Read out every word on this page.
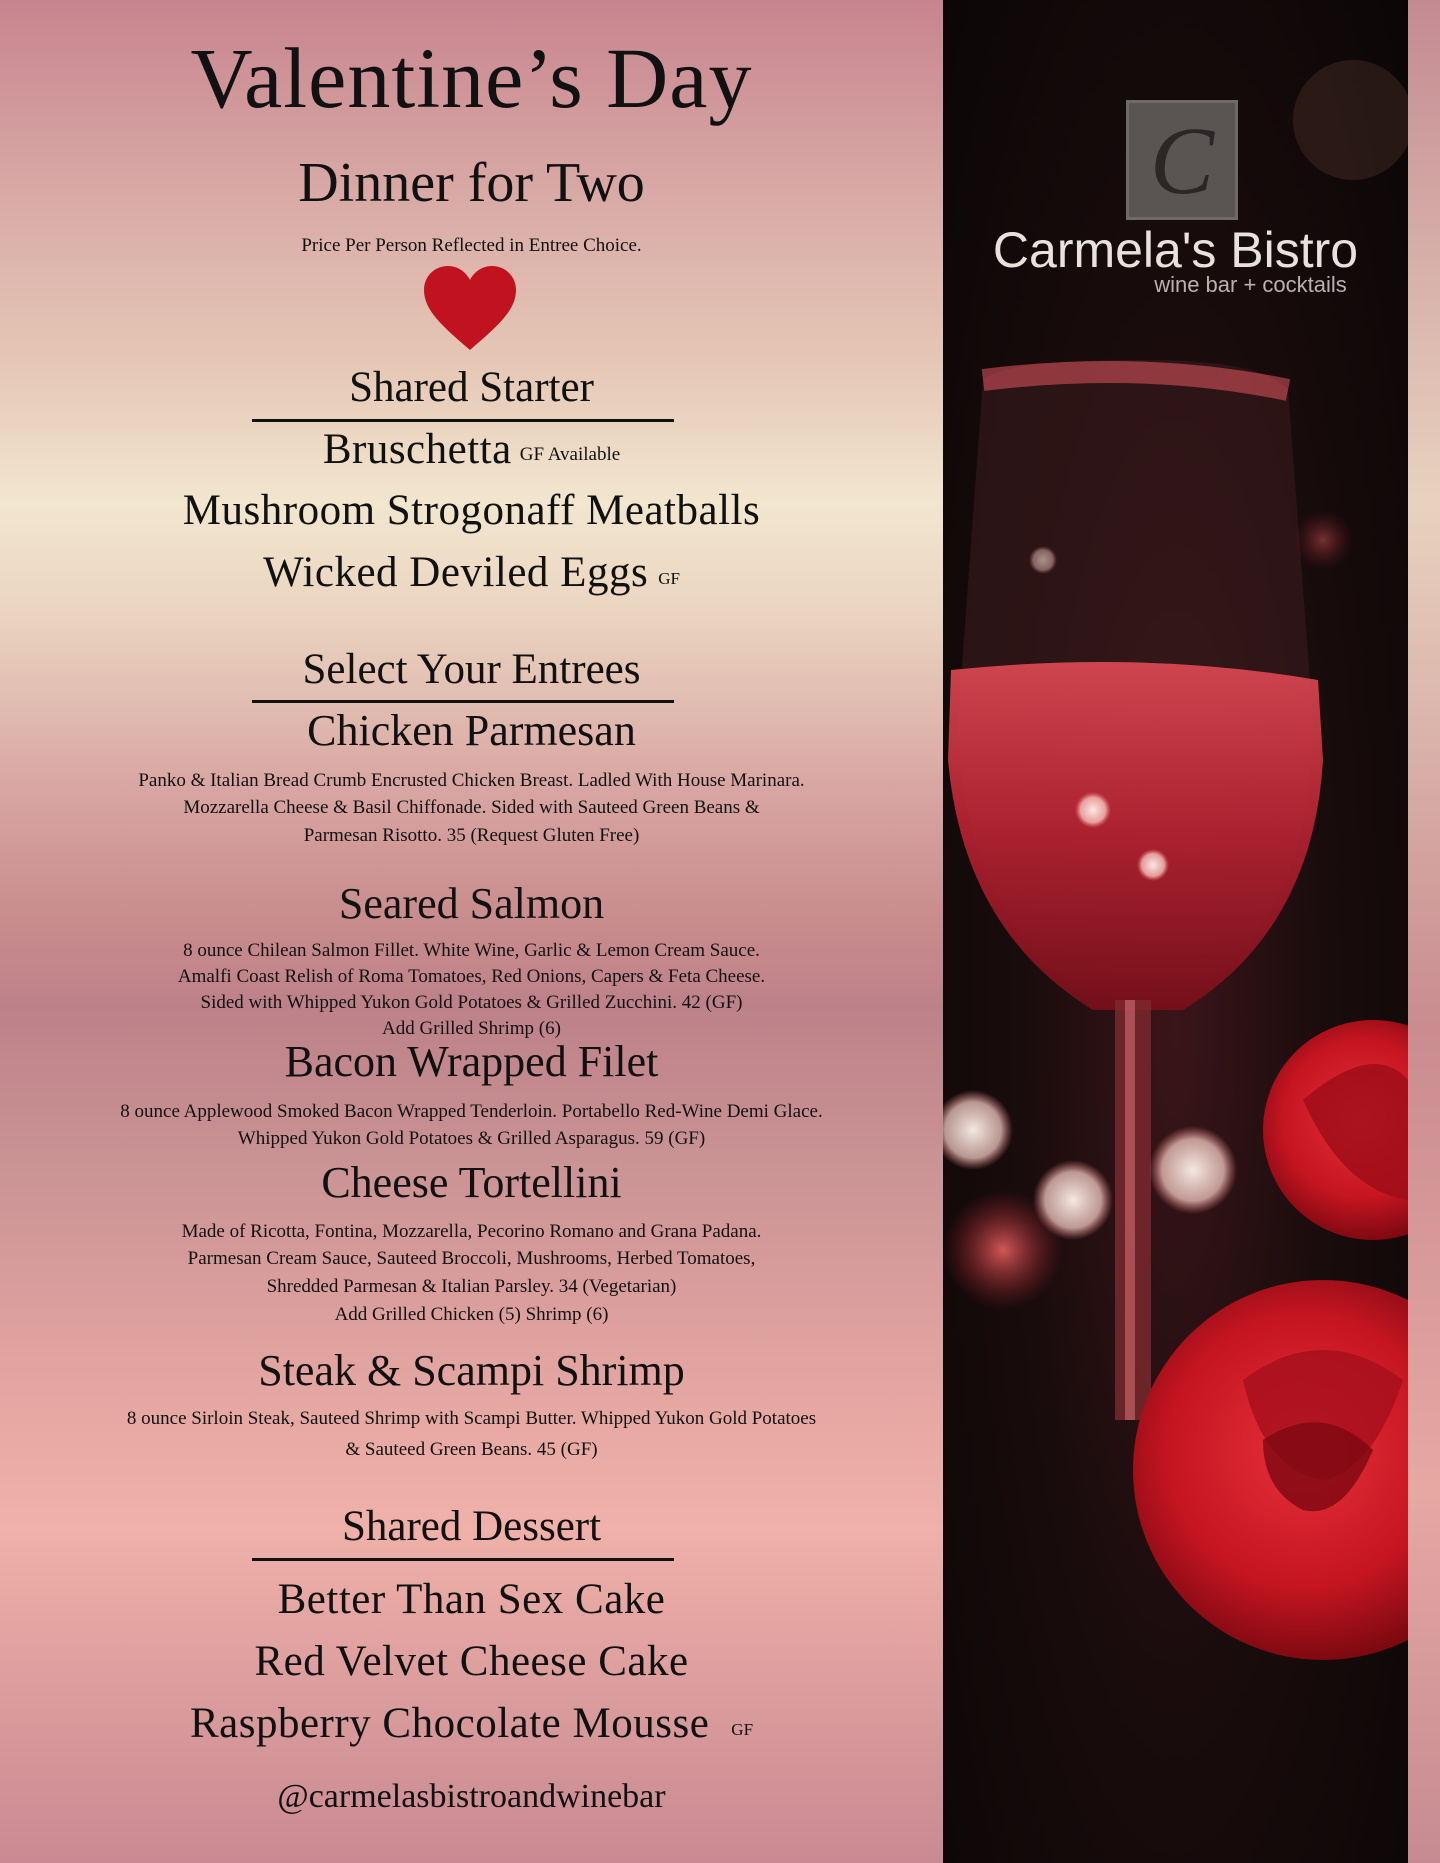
C
Carmela's Bistro
wine bar + cocktails
Valentine’s Day
Dinner for Two
Price Per Person Reflected in Entree Choice.
Shared Starter
Bruschetta GF Available
Mushroom Strogonaff Meatballs
Wicked Deviled Eggs GF
Select Your Entrees
Chicken Parmesan
Panko & Italian Bread Crumb Encrusted Chicken Breast. Ladled With House Marinara.
Mozzarella Cheese & Basil Chiffonade. Sided with Sauteed Green Beans &
Parmesan Risotto. 35 (Request Gluten Free)
Seared Salmon
8 ounce Chilean Salmon Fillet. White Wine, Garlic & Lemon Cream Sauce.
Amalfi Coast Relish of Roma Tomatoes, Red Onions, Capers & Feta Cheese.
Sided with Whipped Yukon Gold Potatoes & Grilled Zucchini. 42 (GF)
Add Grilled Shrimp (6)
Bacon Wrapped Filet
8 ounce Applewood Smoked Bacon Wrapped Tenderloin. Portabello Red-Wine Demi Glace.
Whipped Yukon Gold Potatoes & Grilled Asparagus. 59 (GF)
Cheese Tortellini
Made of Ricotta, Fontina, Mozzarella, Pecorino Romano and Grana Padana.
Parmesan Cream Sauce, Sauteed Broccoli, Mushrooms, Herbed Tomatoes,
Shredded Parmesan & Italian Parsley. 34 (Vegetarian)
Add Grilled Chicken (5) Shrimp (6)
Steak & Scampi Shrimp
8 ounce Sirloin Steak, Sauteed Shrimp with Scampi Butter. Whipped Yukon Gold Potatoes
& Sauteed Green Beans. 45 (GF)
Shared Dessert
Better Than Sex Cake
Red Velvet Cheese Cake
Raspberry Chocolate Mousse GF
@carmelasbistroandwinebar
